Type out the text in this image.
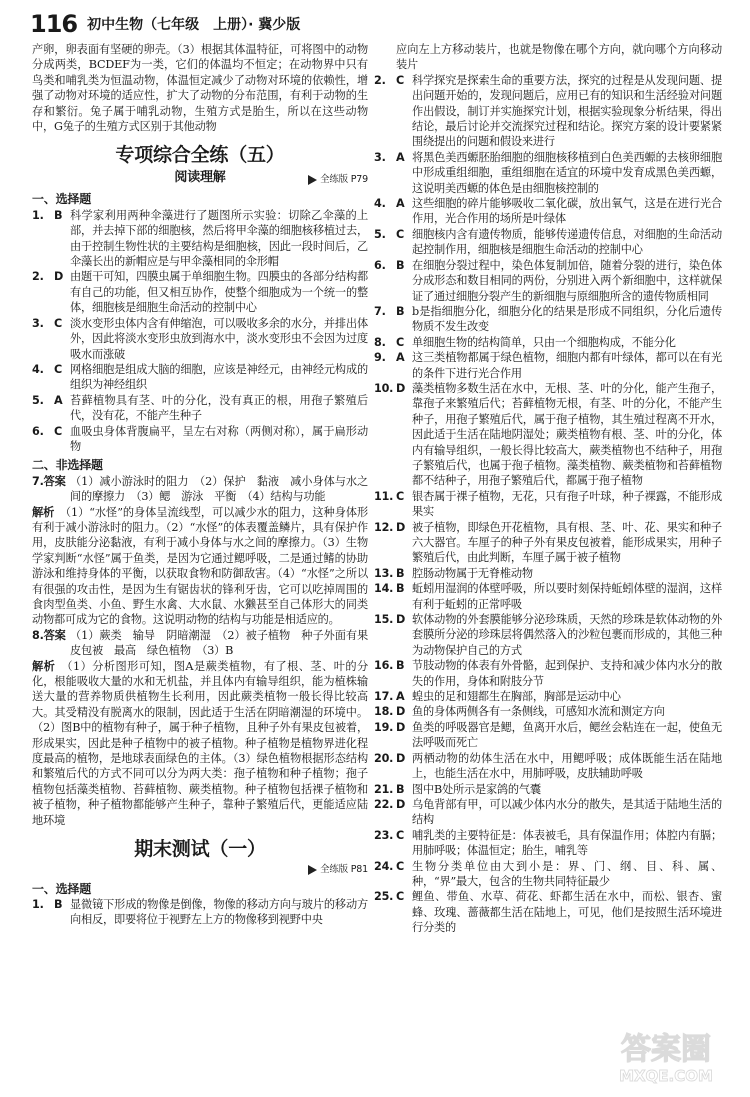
116 初中生物（七年级　上册）· 冀少版
产卵，卵表面有坚硬的卵壳。（3）根据其体温特征，可将图中的动物分成两类，BCDEF为一类，它们的体温均不恒定；在动物界中只有鸟类和哺乳类为恒温动物，体温恒定减少了动物对环境的依赖性，增强了动物对环境的适应性，扩大了动物的分布范围，有利于动物的生存和繁衍。兔子属于哺乳动物，生殖方式是胎生，所以在这些动物中，G兔子的生殖方式区别于其他动物
专项综合全练（五）
阅读理解	全练版 P79
一、选择题
1. B 科学家利用两种伞藻进行了题图所示实验：切除乙伞藻的上部，并去掉下部的细胞核，然后将甲伞藻的细胞核移植过去，由于控制生物性状的主要结构是细胞核，因此一段时间后，乙伞藻长出的新帽应是与甲伞藻相同的伞形帽
2. D 由题干可知，四膜虫属于单细胞生物。四膜虫的各部分结构都有自己的功能，但又相互协作，使整个细胞成为一个统一的整体，细胞核是细胞生命活动的控制中心
3. C 淡水变形虫体内含有伸缩泡，可以吸收多余的水分，并排出体外，因此将淡水变形虫放到海水中，淡水变形虫不会因为过度吸水而涨破
4. C 网格细胞是组成大脑的细胞，应该是神经元，由神经元构成的组织为神经组织
5. A 苔藓植物具有茎、叶的分化，没有真正的根，用孢子繁殖后代，没有花，不能产生种子
6. C 血吸虫身体背腹扁平，呈左右对称（两侧对称），属于扁形动物
二、非选择题
7.答案 （1）减小游泳时的阻力　（2）保护　黏液　减小身体与水之间的摩擦力　（3）鳃　游泳　平衡　（4）结构与功能
解析　 （1）“水怪”的身体呈流线型，可以减少水的阻力，这种身体形有利于减小游泳时的阻力。（2）“水怪”的体表覆盖鳞片，具有保护作用，皮肤能分泌黏液，有利于减小身体与水之间的摩擦力。（3）生物学家判断“水怪”属于鱼类，是因为它通过鳃呼吸，二是通过鳍的协助游泳和维持身体的平衡，以获取食物和防御敌害。（4）“水怪”之所以有很强的攻击性，是因为生有锯齿状的锋利牙齿，它可以吃掉周围的食肉型鱼类、小鱼、野生水禽、大水鼠、水獭甚至自己体形大的同类动物都可成为它的食物。这说明动物的结构与功能是相适应的。
8.答案 （1）蕨类　输导　阴暗潮湿　（2）被子植物　种子外面有果皮包被　最高　绿色植物　（3）B
解析　 （1）分析图形可知，图A是蕨类植物，有了根、茎、叶的分化，根能吸收大量的水和无机盐，并且体内有输导组织，能为植株输送大量的营养物质供植物生长利用，因此蕨类植物一般长得比较高大。其受精没有脱离水的限制，因此适于生活在阴暗潮湿的环境中。（2）图B中的植物有种子，属于种子植物，且种子外有果皮包被着，形成果实，因此是种子植物中的被子植物。种子植物是植物界进化程度最高的植物，是地球表面绿色的主体。（3）绿色植物根据形态结构和繁殖后代的方式不同可以分为两大类：孢子植物和种子植物；孢子植物包括藻类植物、苔藓植物、蕨类植物。种子植物包括裸子植物和被子植物，种子植物都能够产生种子，靠种子繁殖后代，更能适应陆地环境
期末测试（一）
全练版 P81
一、选择题
1. B 显微镜下形成的物像是倒像，物像的移动方向与玻片的移动方向相反，即要将位于视野左上方的物像移到视野中央
应向左上方移动装片，也就是物像在哪个方向，就向哪个方向移动装片
2. C 科学探究是探索生命的重要方法，探究的过程是从发现问题、提出问题开始的，发现问题后，应用已有的知识和生活经验对问题作出假设，制订并实施探究计划，根据实验现象分析结果，得出结论，最后讨论并交流探究过程和结论。探究方案的设计要紧紧围绕提出的问题和假设来进行
3. A 将黑色美西螈胚胎细胞的细胞核移植到白色美西螈的去核卵细胞中形成重组细胞，重组细胞在适宜的环境中发育成黑色美西螈，这说明美西螈的体色是由细胞核控制的
4. A 这些细胞的碎片能够吸收二氧化碳，放出氧气，这是在进行光合作用，光合作用的场所是叶绿体
5. C 细胞核内含有遗传物质，能够传递遗传信息，对细胞的生命活动起控制作用，细胞核是细胞生命活动的控制中心
6. B 在细胞分裂过程中，染色体复制加倍，随着分裂的进行，染色体分成形态和数目相同的两份，分别进入两个新细胞中，这样就保证了通过细胞分裂产生的新细胞与原细胞所含的遗传物质相同
7. B b是指细胞分化，细胞分化的结果是形成不同组织，分化后遗传物质不发生改变
8. C 单细胞生物的结构简单，只由一个细胞构成，不能分化
9. A 这三类植物都属于绿色植物，细胞内都有叶绿体，都可以在有光的条件下进行光合作用
10. D 藻类植物多数生活在水中，无根、茎、叶的分化，能产生孢子，靠孢子来繁殖后代；苔藓植物无根，有茎、叶的分化，不能产生种子，用孢子繁殖后代，属于孢子植物，其生殖过程离不开水，因此适于生活在陆地阴湿处；蕨类植物有根、茎、叶的分化，体内有输导组织，一般长得比较高大，蕨类植物也不结种子，用孢子繁殖后代，也属于孢子植物。藻类植物、蕨类植物和苔藓植物都不结种子，用孢子繁殖后代，都属于孢子植物
11. C 银杏属于裸子植物，无花，只有孢子叶球，种子裸露，不能形成果实
12. D 被子植物，即绿色开花植物，具有根、茎、叶、花、果实和种子六大器官。车厘子的种子外有果皮包被着，能形成果实，用种子繁殖后代，由此判断，车厘子属于被子植物
13. B 腔肠动物属于无脊椎动物
14. B 蚯蚓用湿润的体壁呼吸，所以要时刻保持蚯蚓体壁的湿润，这样有利于蚯蚓的正常呼吸
15. D 软体动物的外套膜能够分泌珍珠质，天然的珍珠是软体动物的外套膜所分泌的珍珠层将偶然落入的沙粒包裹而形成的，其他三种为动物保护自己的方式
16. B 节肢动物的体表有外骨骼，起到保护、支持和减少体内水分的散失的作用，身体和附肢分节
17. A 蝗虫的足和翅都生在胸部，胸部是运动中心
18. D 鱼的身体两侧各有一条侧线，可感知水流和测定方向
19. D 鱼类的呼吸器官是鳃，鱼离开水后，鳃丝会粘连在一起，使鱼无法呼吸而死亡
20. D 两栖动物的幼体生活在水中，用鳃呼吸；成体既能生活在陆地上，也能生活在水中，用肺呼吸，皮肤辅助呼吸
21. B 图中B处所示是家鸽的气囊
22. D 乌龟背部有甲，可以减少体内水分的散失，是其适于陆地生活的结构
23. C 哺乳类的主要特征是：体表被毛，具有保温作用；体腔内有膈；用肺呼吸；体温恒定；胎生，哺乳等
24. C 生物分类单位由大到小是：界、门、纲、目、科、属、种，“界”最大，包含的生物共同特征最少
25. C 鲤鱼、带鱼、水草、荷花、虾都生活在水中，而松、银杏、蜜蜂、玫瑰、蔷薇都生活在陆地上，可见，他们是按照生活环境进行分类的
答案圈
MXQE.COM
